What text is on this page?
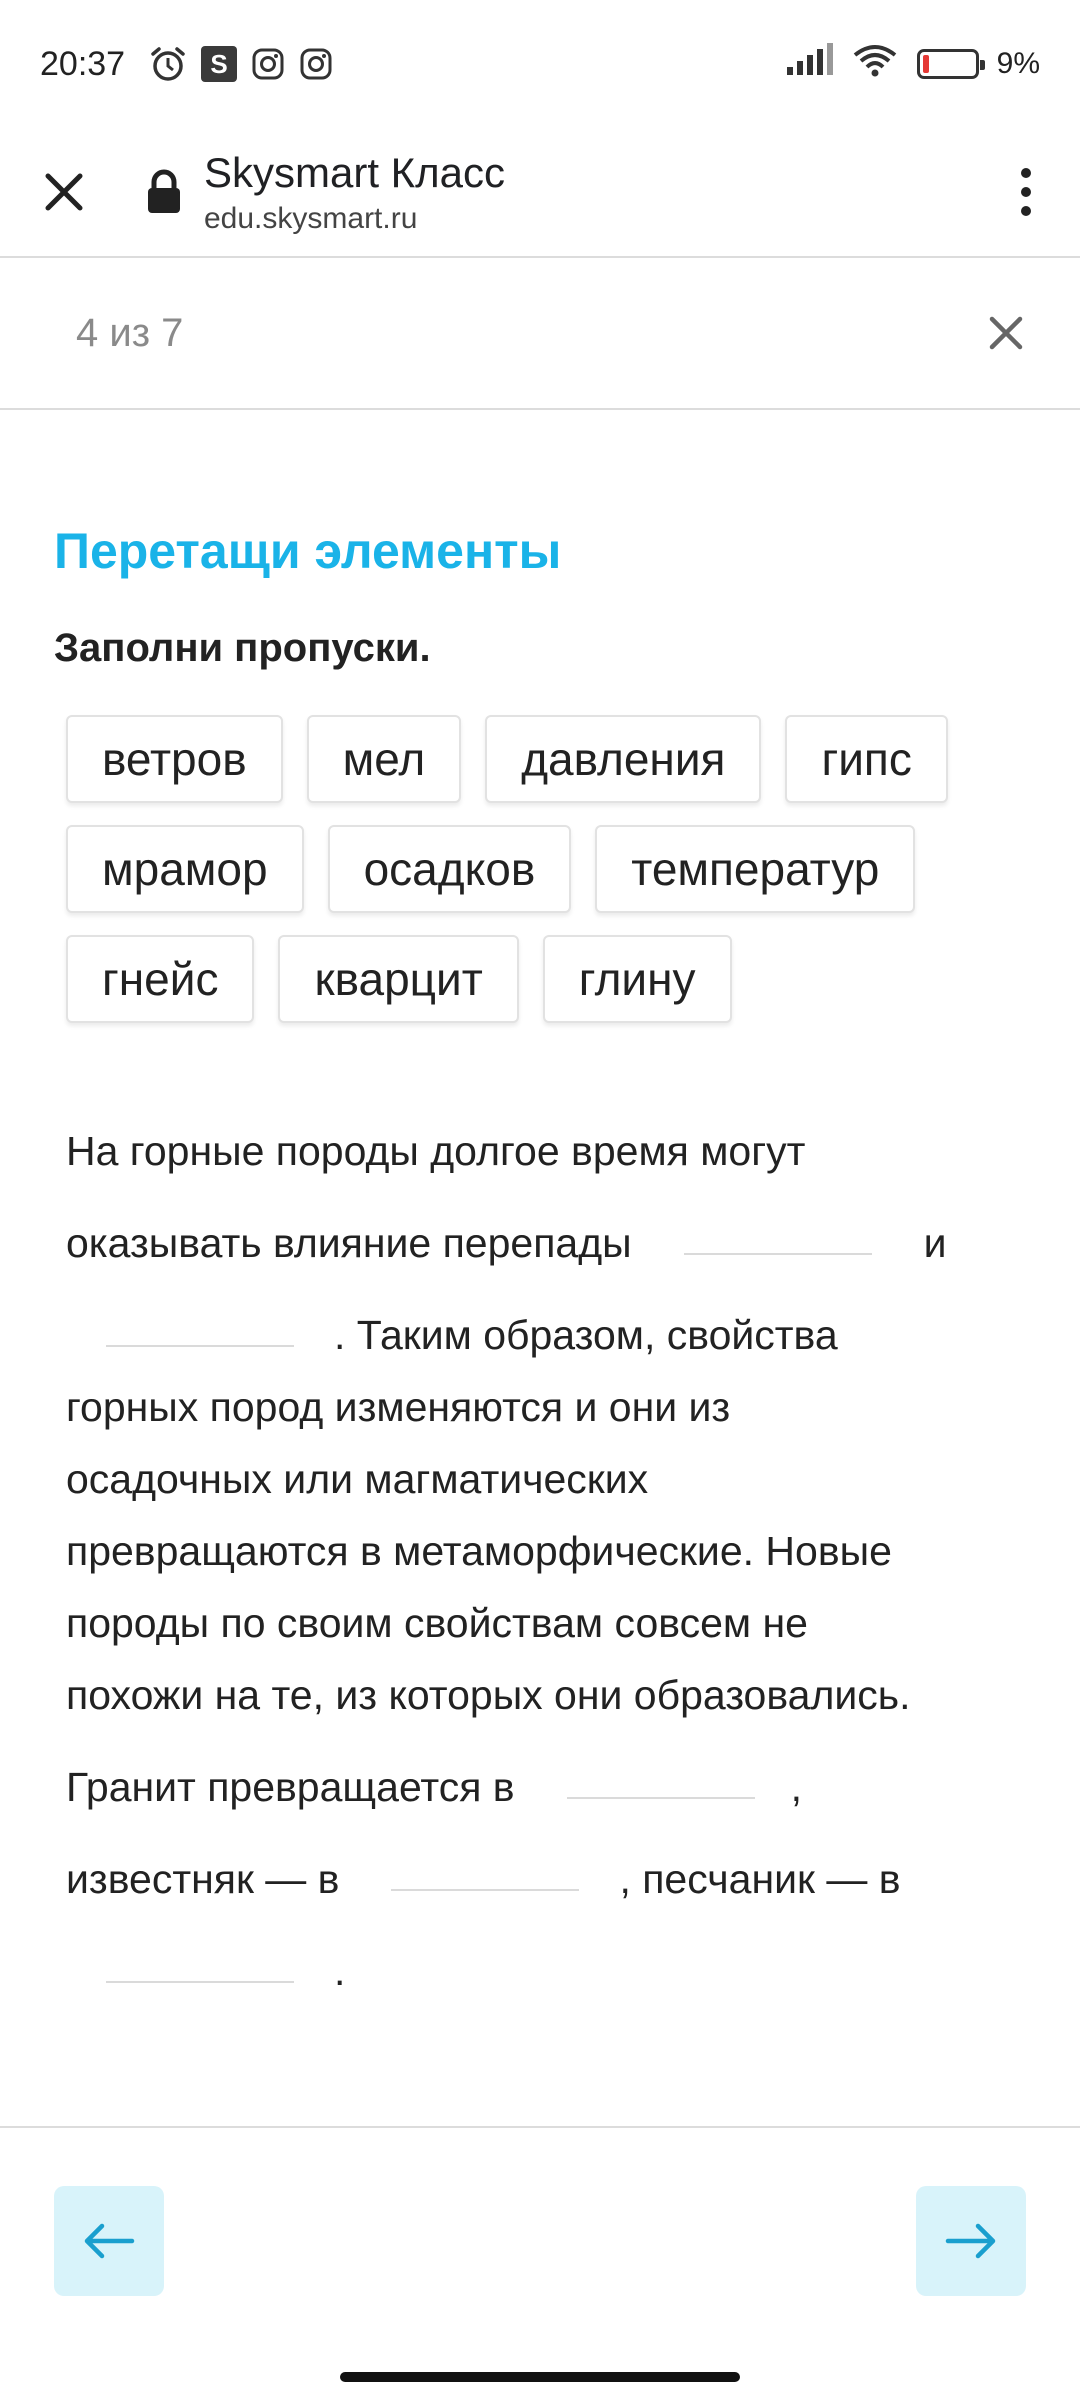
20:37	S	9%
Skysmart Класс
edu.skysmart.ru
4 из 7
Перетащи элементы
Заполни пропуски.
ветров	мел	давления	гипс
мрамор	осадков	температур
гнейс	кварцит	глину
На горные породы долгое время могут
оказывать влияние перепады	и
. Таким образом, свойства
горных пород изменяются и они из
осадочных или магматических
превращаются в метаморфические. Новые
породы по своим свойствам совсем не
похожи на те, из которых они образовались.
Гранит превращается в	,
известняк — в	, песчаник — в
.
